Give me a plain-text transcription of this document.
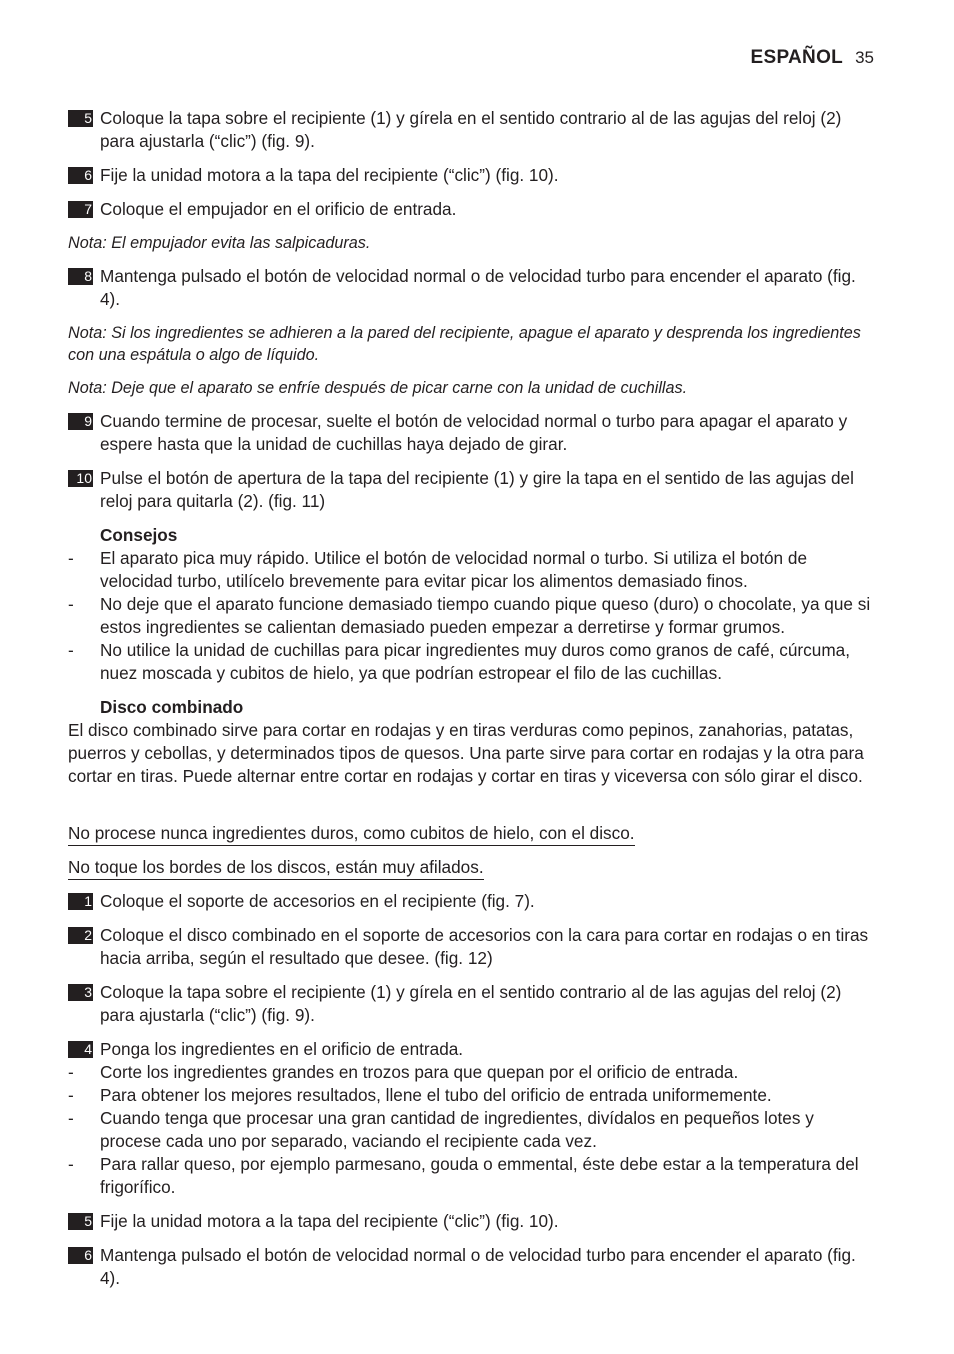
ESPAÑOL 35
5 Coloque la tapa sobre el recipiente (1) y gírela en el sentido contrario al de las agujas del reloj (2) para ajustarla (“clic”) (fig. 9).
6 Fije la unidad motora a la tapa del recipiente (“clic”) (fig. 10).
7 Coloque el empujador en el orificio de entrada.
Nota: El empujador evita las salpicaduras.
8 Mantenga pulsado el botón de velocidad normal o de velocidad turbo para encender el aparato (fig. 4).
Nota: Si los ingredientes se adhieren a la pared del recipiente, apague el aparato y desprenda los ingredientes con una espátula o algo de líquido.
Nota: Deje que el aparato se enfríe después de picar carne con la unidad de cuchillas.
9 Cuando termine de procesar, suelte el botón de velocidad normal o turbo para apagar el aparato y espere hasta que la unidad de cuchillas haya dejado de girar.
10 Pulse el botón de apertura de la tapa del recipiente (1) y gire la tapa en el sentido de las agujas del reloj para quitarla (2). (fig. 11)

Consejos

- El aparato pica muy rápido. Utilice el botón de velocidad normal o turbo. Si utiliza el botón de velocidad turbo, utilícelo brevemente para evitar picar los alimentos demasiado finos.
- No deje que el aparato funcione demasiado tiempo cuando pique queso (duro) o chocolate, ya que si estos ingredientes se calientan demasiado pueden empezar a derretirse y formar grumos.
- No utilice la unidad de cuchillas para picar ingredientes muy duros como granos de café, cúrcuma, nuez moscada y cubitos de hielo, ya que podrían estropear el filo de las cuchillas.

Disco combinado

El disco combinado sirve para cortar en rodajas y en tiras verduras como pepinos, zanahorias, patatas, puerros y cebollas, y determinados tipos de quesos. Una parte sirve para cortar en rodajas y la otra para cortar en tiras. Puede alternar entre cortar en rodajas y cortar en tiras y viceversa con sólo girar el disco.

No procese nunca ingredientes duros, como cubitos de hielo, con el disco.
No toque los bordes de los discos, están muy afilados.
1 Coloque el soporte de accesorios en el recipiente (fig. 7).
2 Coloque el disco combinado en el soporte de accesorios con la cara para cortar en rodajas o en tiras hacia arriba, según el resultado que desee. (fig. 12)
3 Coloque la tapa sobre el recipiente (1) y gírela en el sentido contrario al de las agujas del reloj (2) para ajustarla (“clic”) (fig. 9).
4 Ponga los ingredientes en el orificio de entrada.
- Corte los ingredientes grandes en trozos para que quepan por el orificio de entrada.
- Para obtener los mejores resultados, llene el tubo del orificio de entrada uniformemente.
- Cuando tenga que procesar una gran cantidad de ingredientes, divídalos en pequeños lotes y procese cada uno por separado, vaciando el recipiente cada vez.
- Para rallar queso, por ejemplo parmesano, gouda o emmental, éste debe estar a la temperatura del frigorífico.
5 Fije la unidad motora a la tapa del recipiente (“clic”) (fig. 10).
6 Mantenga pulsado el botón de velocidad normal o de velocidad turbo para encender el aparato (fig. 4).
